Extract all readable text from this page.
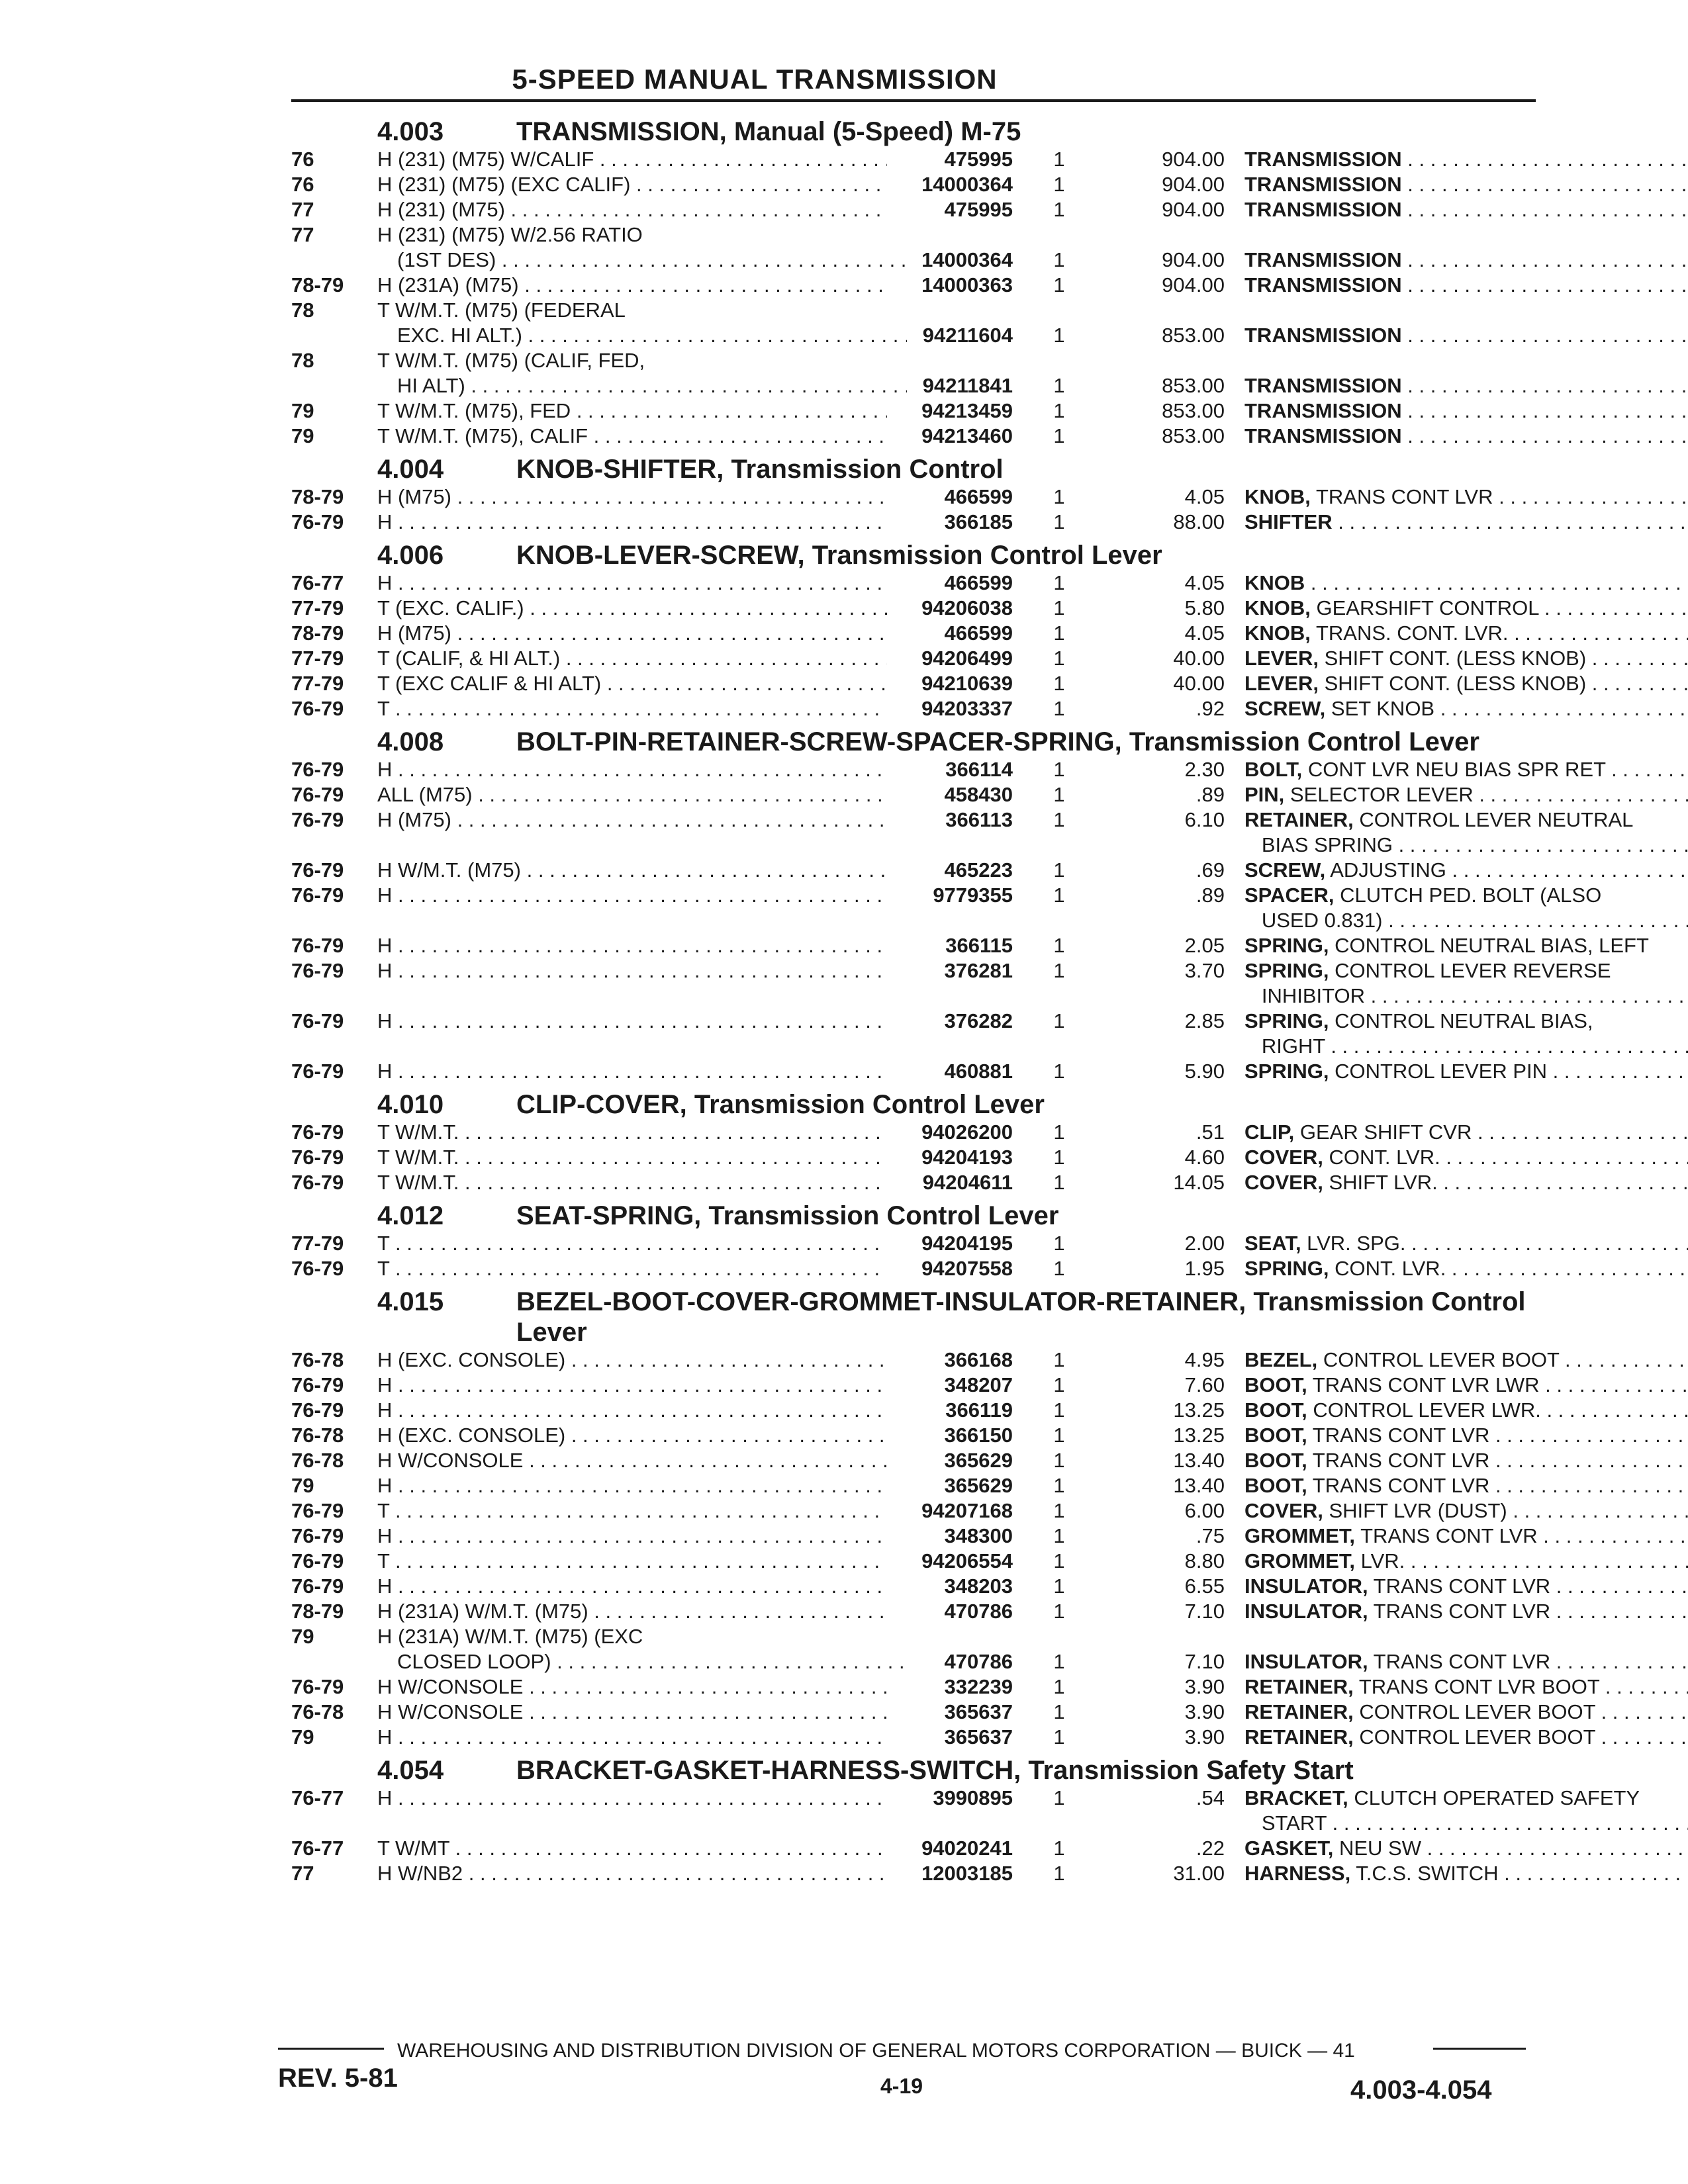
5-SPEED MANUAL TRANSMISSION
4.003	TRANSMISSION, Manual (5-Speed) M-75
76	H (231) (M75) W/CALIF . . .	475995	1	904.00 TRANSMISSION . . .
76	H (231) (M75) (EXC CALIF) . . .	14000364	1	904.00 TRANSMISSION . . .
77	H (231) (M75) . . .	475995	1	904.00 TRANSMISSION . . .
77	H (231) (M75) W/2.56 RATIO
(1ST DES) . . .	14000364	1	904.00 TRANSMISSION . . .
78-79	H (231A) (M75) . . .	14000363	1	904.00 TRANSMISSION . . .
78	T W/M.T. (M75) (FEDERAL
EXC. HI ALT.) . . .	94211604	1	853.00 TRANSMISSION . . .
78	T W/M.T. (M75) (CALIF, FED,
HI ALT) . . .	94211841	1	853.00 TRANSMISSION . . .
79	T W/M.T. (M75), FED . . .	94213459	1	853.00 TRANSMISSION . . .
79	T W/M.T. (M75), CALIF . . .	94213460	1	853.00 TRANSMISSION . . .
4.004	KNOB-SHIFTER, Transmission Control
78-79	H (M75) . . .	466599	1	4.05 KNOB, TRANS CONT LVR . . .
76-79	H . . .	366185	1	88.00 SHIFTER . . .
4.006	KNOB-LEVER-SCREW, Transmission Control Lever
76-77	H . . .	466599	1	4.05 KNOB . . .
77-79	T (EXC. CALIF.) . . .	94206038	1	5.80 KNOB, GEARSHIFT CONTROL . . .
78-79	H (M75) . . .	466599	1	4.05 KNOB, TRANS. CONT. LVR. . . .
77-79	T (CALIF, & HI ALT.) . . .	94206499	1	40.00 LEVER, SHIFT CONT. (LESS KNOB) . . .
77-79	T (EXC CALIF & HI ALT) . . .	94210639	1	40.00 LEVER, SHIFT CONT. (LESS KNOB) . . .
76-79	T . . .	94203337	1	.92 SCREW, SET KNOB . . .
4.008	BOLT-PIN-RETAINER-SCREW-SPACER-SPRING, Transmission Control Lever
76-79	H . . .	366114	1	2.30 BOLT, CONT LVR NEU BIAS SPR RET . . .
76-79	ALL (M75) . . .	458430	1	.89 PIN, SELECTOR LEVER . . .
76-79	H (M75) . . .	366113	1	6.10 RETAINER, CONTROL LEVER NEUTRAL
BIAS SPRING . . .
76-79	H W/M.T. (M75) . . .	465223	1	.69 SCREW, ADJUSTING . . .
76-79	H . . .	9779355	1	.89 SPACER, CLUTCH PED. BOLT (ALSO
USED 0.831) . . .
76-79	H . . .	366115	1	2.05 SPRING, CONTROL NEUTRAL BIAS, LEFT
76-79	H . . .	376281	1	3.70 SPRING, CONTROL LEVER REVERSE
INHIBITOR . . .
76-79	H . . .	376282	1	2.85 SPRING, CONTROL NEUTRAL BIAS,
RIGHT . . .
76-79	H . . .	460881	1	5.90 SPRING, CONTROL LEVER PIN . . .
4.010	CLIP-COVER, Transmission Control Lever
76-79	T W/M.T. . . .	94026200	1	.51 CLIP, GEAR SHIFT CVR . . .
76-79	T W/M.T. . . .	94204193	1	4.60 COVER, CONT. LVR. . . .
76-79	T W/M.T. . . .	94204611	1	14.05 COVER, SHIFT LVR. . . .
4.012	SEAT-SPRING, Transmission Control Lever
77-79	T . . .	94204195	1	2.00 SEAT, LVR. SPG. . . .
76-79	T . . .	94207558	1	1.95 SPRING, CONT. LVR. . . .
4.015	BEZEL-BOOT-COVER-GROMMET-INSULATOR-RETAINER, Transmission Control Lever
76-78	H (EXC. CONSOLE) . . .	366168	1	4.95 BEZEL, CONTROL LEVER BOOT . . .
76-79	H . . .	348207	1	7.60 BOOT, TRANS CONT LVR LWR . . .
76-79	H . . .	366119	1	13.25 BOOT, CONTROL LEVER LWR. . . .
76-78	H (EXC. CONSOLE) . . .	366150	1	13.25 BOOT, TRANS CONT LVR . . .
76-78	H W/CONSOLE . . .	365629	1	13.40 BOOT, TRANS CONT LVR . . .
79	H . . .	365629	1	13.40 BOOT, TRANS CONT LVR . . .
76-79	T . . .	94207168	1	6.00 COVER, SHIFT LVR (DUST) . . .
76-79	H . . .	348300	1	.75 GROMMET, TRANS CONT LVR . . .
76-79	T . . .	94206554	1	8.80 GROMMET, LVR. . . .
76-79	H . . .	348203	1	6.55 INSULATOR, TRANS CONT LVR . . .
78-79	H (231A) W/M.T. (M75) . . .	470786	1	7.10 INSULATOR, TRANS CONT LVR . . .
79	H (231A) W/M.T. (M75) (EXC
CLOSED LOOP) . . .	470786	1	7.10 INSULATOR, TRANS CONT LVR . . .
76-79	H W/CONSOLE . . .	332239	1	3.90 RETAINER, TRANS CONT LVR BOOT . . .
76-78	H W/CONSOLE . . .	365637	1	3.90 RETAINER, CONTROL LEVER BOOT . . .
79	H . . .	365637	1	3.90 RETAINER, CONTROL LEVER BOOT . . .
4.054	BRACKET-GASKET-HARNESS-SWITCH, Transmission Safety Start
76-77	H . . .	3990895	1	.54 BRACKET, CLUTCH OPERATED SAFETY
START . . .
76-77	T W/MT . . .	94020241	1	.22 GASKET, NEU SW . . .
77	H W/NB2 . . .	12003185	1	31.00 HARNESS, T.C.S. SWITCH . . .
WAREHOUSING AND DISTRIBUTION DIVISION OF GENERAL MOTORS CORPORATION — BUICK — 41
REV. 5-81	4-19	4.003-4.054
